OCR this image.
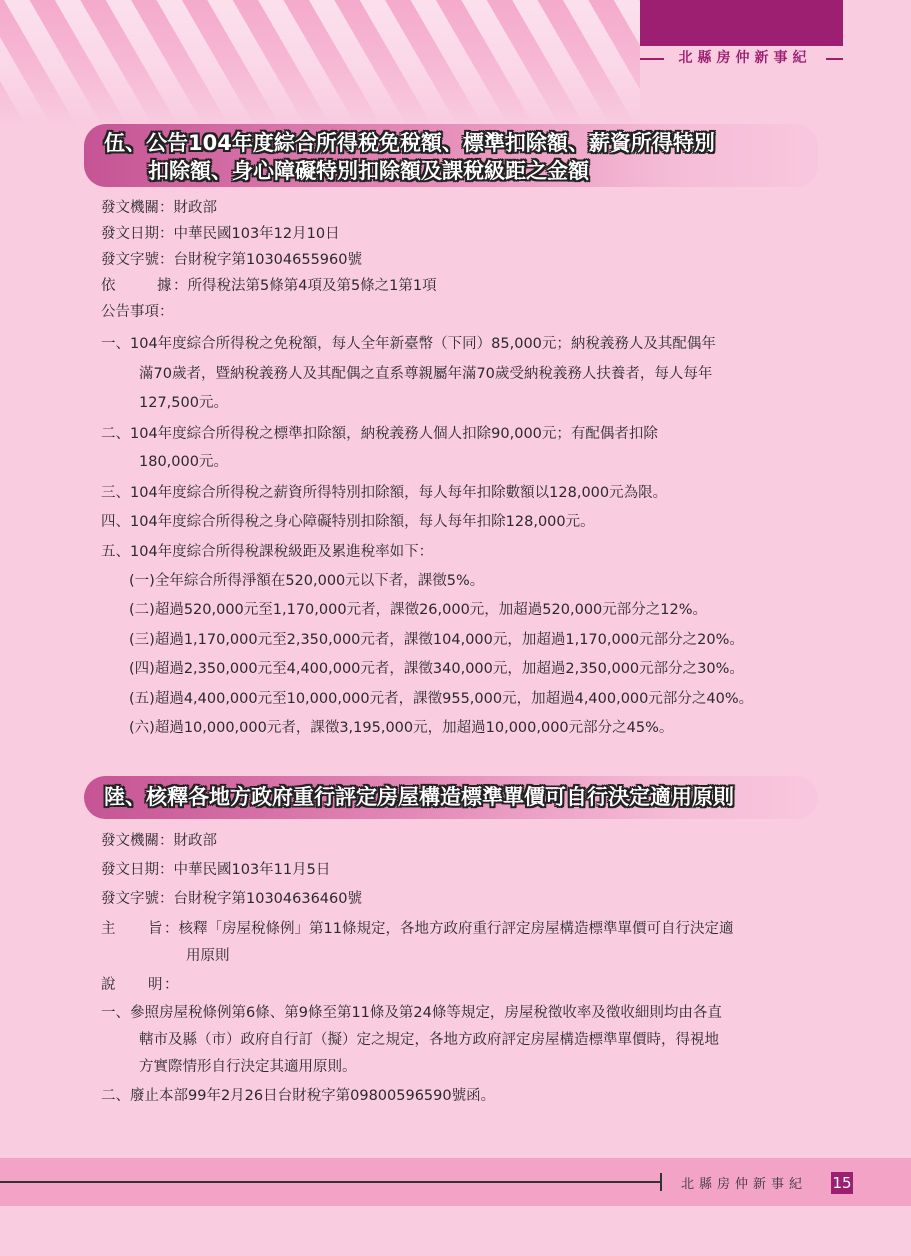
北縣房仲新事紀
伍、公告104年度綜合所得稅免稅額、標準扣除額、薪資所得特別
扣除額、身心障礙特別扣除額及課稅級距之金額
發文機關：財政部
發文日期：中華民國103年12月10日
發文字號：台財稅字第10304655960號
依	據 ：所得稅法第5條第4項及第5條之1第1項
公告事項：
一、104年度綜合所得稅之免稅額，每人全年新臺幣（下同）85,000元；納稅義務人及其配偶年
滿70歲者，暨納稅義務人及其配偶之直系尊親屬年滿70歲受納稅義務人扶養者，每人每年
127,500元。
二、104年度綜合所得稅之標準扣除額，納稅義務人個人扣除90,000元；有配偶者扣除
180,000元。
三、104年度綜合所得稅之薪資所得特別扣除額，每人每年扣除數額以128,000元為限。
四、104年度綜合所得稅之身心障礙特別扣除額，每人每年扣除128,000元。
五、104年度綜合所得稅課稅級距及累進稅率如下：
(一)全年綜合所得淨額在520,000元以下者，課徵5%。
(二)超過520,000元至1,170,000元者，課徵26,000元，加超過520,000元部分之12%。
(三)超過1,170,000元至2,350,000元者，課徵104,000元，加超過1,170,000元部分之20%。
(四)超過2,350,000元至4,400,000元者，課徵340,000元，加超過2,350,000元部分之30%。
(五)超過4,400,000元至10,000,000元者，課徵955,000元，加超過4,400,000元部分之40%。
(六)超過10,000,000元者，課徵3,195,000元，加超過10,000,000元部分之45%。
陸、核釋各地方政府重行評定房屋構造標準單價可自行決定適用原則
發文機關：財政部
發文日期：中華民國103年11月5日
發文字號：台財稅字第10304636460號
主 旨 ：核釋「房屋稅條例」第11條規定，各地方政府重行評定房屋構造標準單價可自行決定適
用原則
說 明 ：
一、參照房屋稅條例第6條、第9條至第11條及第24條等規定，房屋稅徵收率及徵收細則均由各直
轄市及縣（市）政府自行訂（擬）定之規定，各地方政府評定房屋構造標準單價時，得視地
方實際情形自行決定其適用原則。
二、廢止本部99年2月26日台財稅字第09800596590號函。
北縣房仲新事紀	15
